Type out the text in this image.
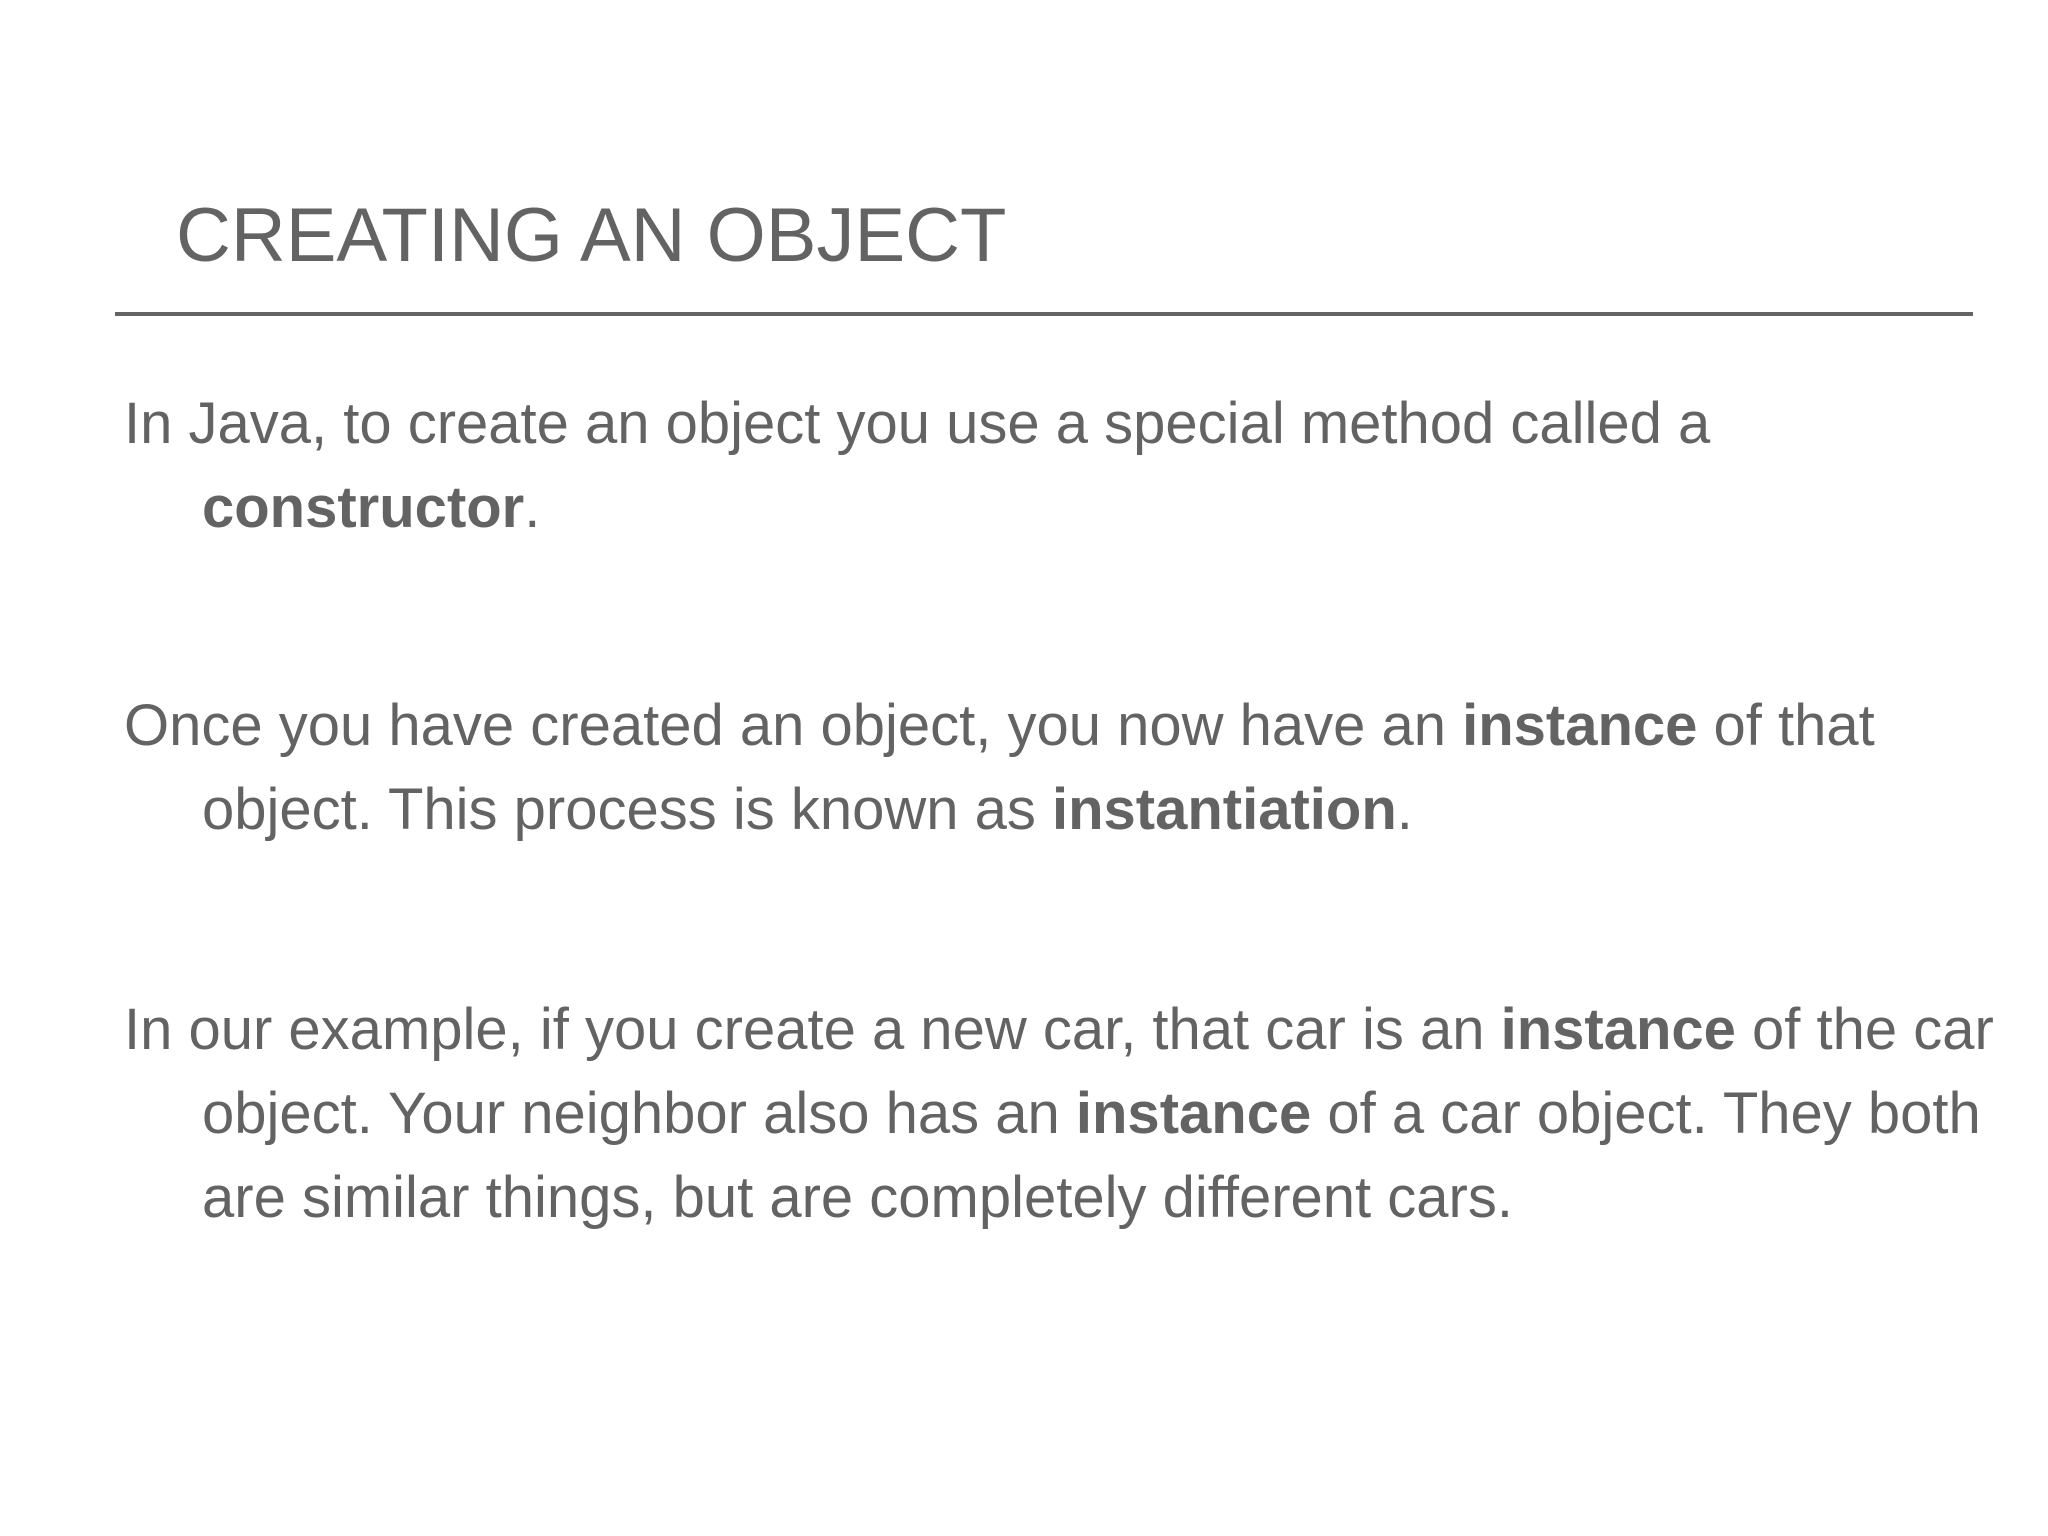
CREATING AN OBJECT

In Java, to create an object you use a special method called a constructor.

Once you have created an object, you now have an instance of that object. This process is known as instantiation.

In our example, if you create a new car, that car is an instance of the car object. Your neighbor also has an instance of a car object. They both are similar things, but are completely different cars.
